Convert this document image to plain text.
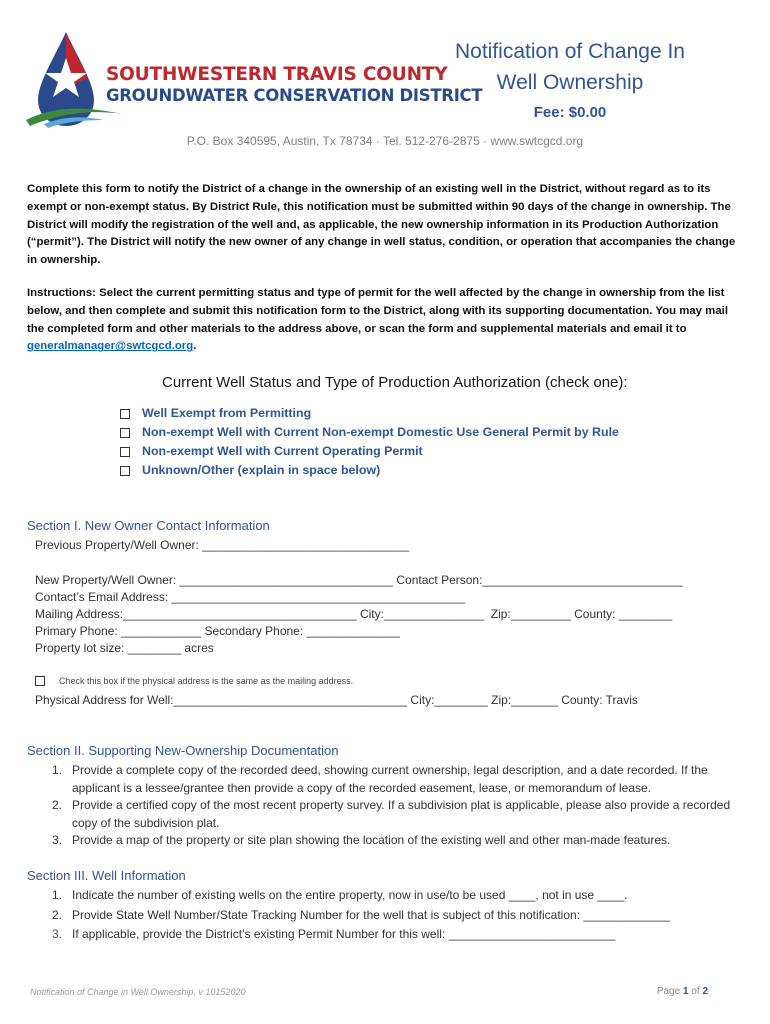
SOUTHWESTERN TRAVIS COUNTY
GROUNDWATER CONSERVATION DISTRICT
Notification of Change In
Well Ownership
Fee: $0.00
P.O. Box 340595, Austin, Tx 78734 · Tel. 512-276-2875 · www.swtcgcd.org
Complete this form to notify the District of a change in the ownership of an existing well in the District, without regard as to its exempt or non-exempt status. By District Rule, this notification must be submitted within 90 days of the change in ownership. The District will modify the registration of the well and, as applicable, the new ownership information in its Production Authorization (“permit”). The District will notify the new owner of any change in well status, condition, or operation that accompanies the change in ownership.
Instructions: Select the current permitting status and type of permit for the well affected by the change in ownership from the list below, and then complete and submit this notification form to the District, along with its supporting documentation. You may mail the completed form and other materials to the address above, or scan the form and supplemental materials and email it to generalmanager@swtcgcd.org.
Current Well Status and Type of Production Authorization (check one):
Well Exempt from Permitting
Non-exempt Well with Current Non-exempt Domestic Use General Permit by Rule
Non-exempt Well with Current Operating Permit
Unknown/Other (explain in space below)
Section I. New Owner Contact Information
Previous Property/Well Owner: _______________________________
New Property/Well Owner: ________________________________ Contact Person:______________________________
Contact’s Email Address: ____________________________________________
Mailing Address:___________________________________ City:_______________  Zip:_________ County: ________
Primary Phone: ____________ Secondary Phone: ______________
Property lot size: ________ acres
Check this box if the physical address is the same as the mailing address.
Physical Address for Well:___________________________________ City:________ Zip:_______ County: Travis
Section II. Supporting New-Ownership Documentation
1. Provide a complete copy of the recorded deed, showing current ownership, legal description, and a date recorded. If the applicant is a lessee/grantee then provide a copy of the recorded easement, lease, or memorandum of lease.
2. Provide a certified copy of the most recent property survey. If a subdivision plat is applicable, please also provide a recorded copy of the subdivision plat.
3. Provide a map of the property or site plan showing the location of the existing well and other man-made features.
Section III. Well Information
1. Indicate the number of existing wells on the entire property, now in use/to be used ____, not in use ____.
2. Provide State Well Number/State Tracking Number for the well that is subject of this notification: _____________
3. If applicable, provide the District’s existing Permit Number for this well: _________________________
Notification of Change in Well Ownership, v 10152020	Page 1 of 2
